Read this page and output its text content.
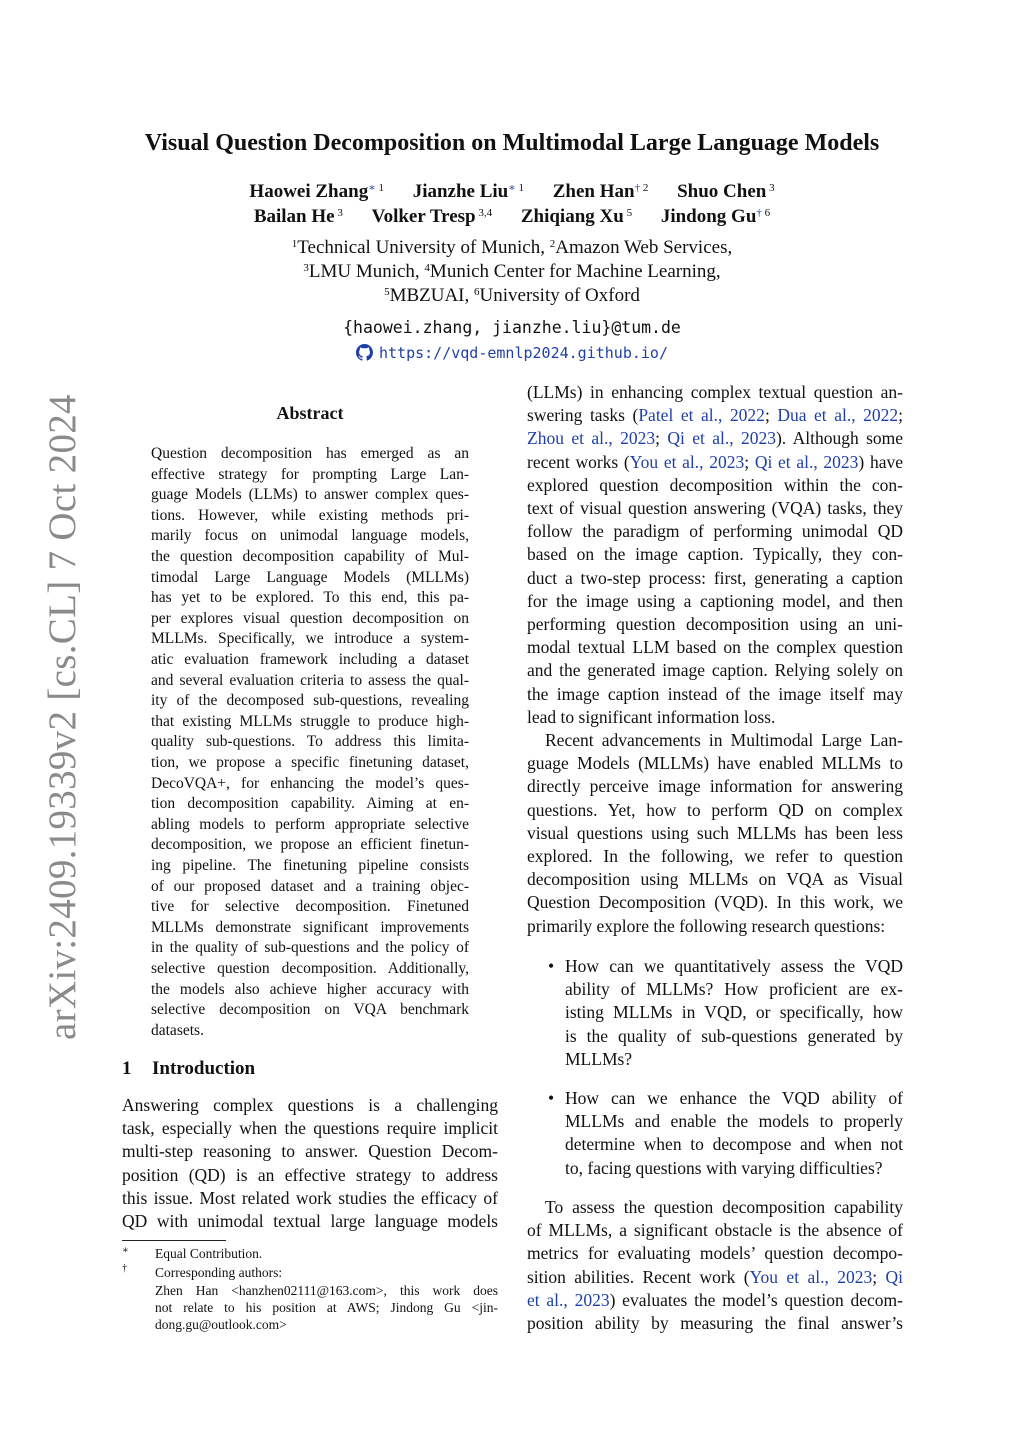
arXiv:2409.19339v2 [cs.CL] 7 Oct 2024
Visual Question Decomposition on Multimodal Large Language Models
Haowei Zhang∗ $^1$ Jianzhe Liu∗ $^1$ Zhen Han† $^2$ Shuo Chen $^3$
Bailan He $^3$ Volker Tresp $^{3,4}$ Zhiqiang Xu $^5$ Jindong Gu† $^6$
$^1$Technical University of Munich, $^2$Amazon Web Services,
$^3$LMU Munich, $^4$Munich Center for Machine Learning,
$^5$MBZUAI, $^6$University of Oxford
{haowei.zhang, jianzhe.liu}@tum.de
https://vqd-emnlp2024.github.io/
Abstract
Question decomposition has emerged as an
effective strategy for prompting Large Lan-
guage Models (LLMs) to answer complex ques-
tions. However, while existing methods pri-
marily focus on unimodal language models,
the question decomposition capability of Mul-
timodal Large Language Models (MLLMs)
has yet to be explored. To this end, this pa-
per explores visual question decomposition on
MLLMs. Specifically, we introduce a system-
atic evaluation framework including a dataset
and several evaluation criteria to assess the qual-
ity of the decomposed sub-questions, revealing
that existing MLLMs struggle to produce high-
quality sub-questions. To address this limita-
tion, we propose a specific finetuning dataset,
DecoVQA+, for enhancing the model’s ques-
tion decomposition capability. Aiming at en-
abling models to perform appropriate selective
decomposition, we propose an efficient finetun-
ing pipeline. The finetuning pipeline consists
of our proposed dataset and a training objec-
tive for selective decomposition. Finetuned
MLLMs demonstrate significant improvements
in the quality of sub-questions and the policy of
selective question decomposition. Additionally,
the models also achieve higher accuracy with
selective decomposition on VQA benchmark
datasets.
1 Introduction
Answering complex questions is a challenging
task, especially when the questions require implicit
multi-step reasoning to answer. Question Decom-
position (QD) is an effective strategy to address
this issue. Most related work studies the efficacy of
QD with unimodal textual large language models
∗ Equal Contribution.
† Corresponding authors:
Zhen Han <hanzhen02111@163.com>, this work does
not relate to his position at AWS; Jindong Gu <jin-
dong.gu@outlook.com>
(LLMs) in enhancing complex textual question an-
swering tasks (Patel et al., 2022; Dua et al., 2022;
Zhou et al., 2023; Qi et al., 2023). Although some
recent works (You et al., 2023; Qi et al., 2023) have
explored question decomposition within the con-
text of visual question answering (VQA) tasks, they
follow the paradigm of performing unimodal QD
based on the image caption. Typically, they con-
duct a two-step process: first, generating a caption
for the image using a captioning model, and then
performing question decomposition using an uni-
modal textual LLM based on the complex question
and the generated image caption. Relying solely on
the image caption instead of the image itself may
lead to significant information loss.
Recent advancements in Multimodal Large Lan-
guage Models (MLLMs) have enabled MLLMs to
directly perceive image information for answering
questions. Yet, how to perform QD on complex
visual questions using such MLLMs has been less
explored. In the following, we refer to question
decomposition using MLLMs on VQA as Visual
Question Decomposition (VQD). In this work, we
primarily explore the following research questions:
• How can we quantitatively assess the VQD
ability of MLLMs? How proficient are ex-
isting MLLMs in VQD, or specifically, how
is the quality of sub-questions generated by
MLLMs?
• How can we enhance the VQD ability of
MLLMs and enable the models to properly
determine when to decompose and when not
to, facing questions with varying difficulties?
To assess the question decomposition capability
of MLLMs, a significant obstacle is the absence of
metrics for evaluating models’ question decompo-
sition abilities. Recent work (You et al., 2023; Qi
et al., 2023) evaluates the model’s question decom-
position ability by measuring the final answer’s
